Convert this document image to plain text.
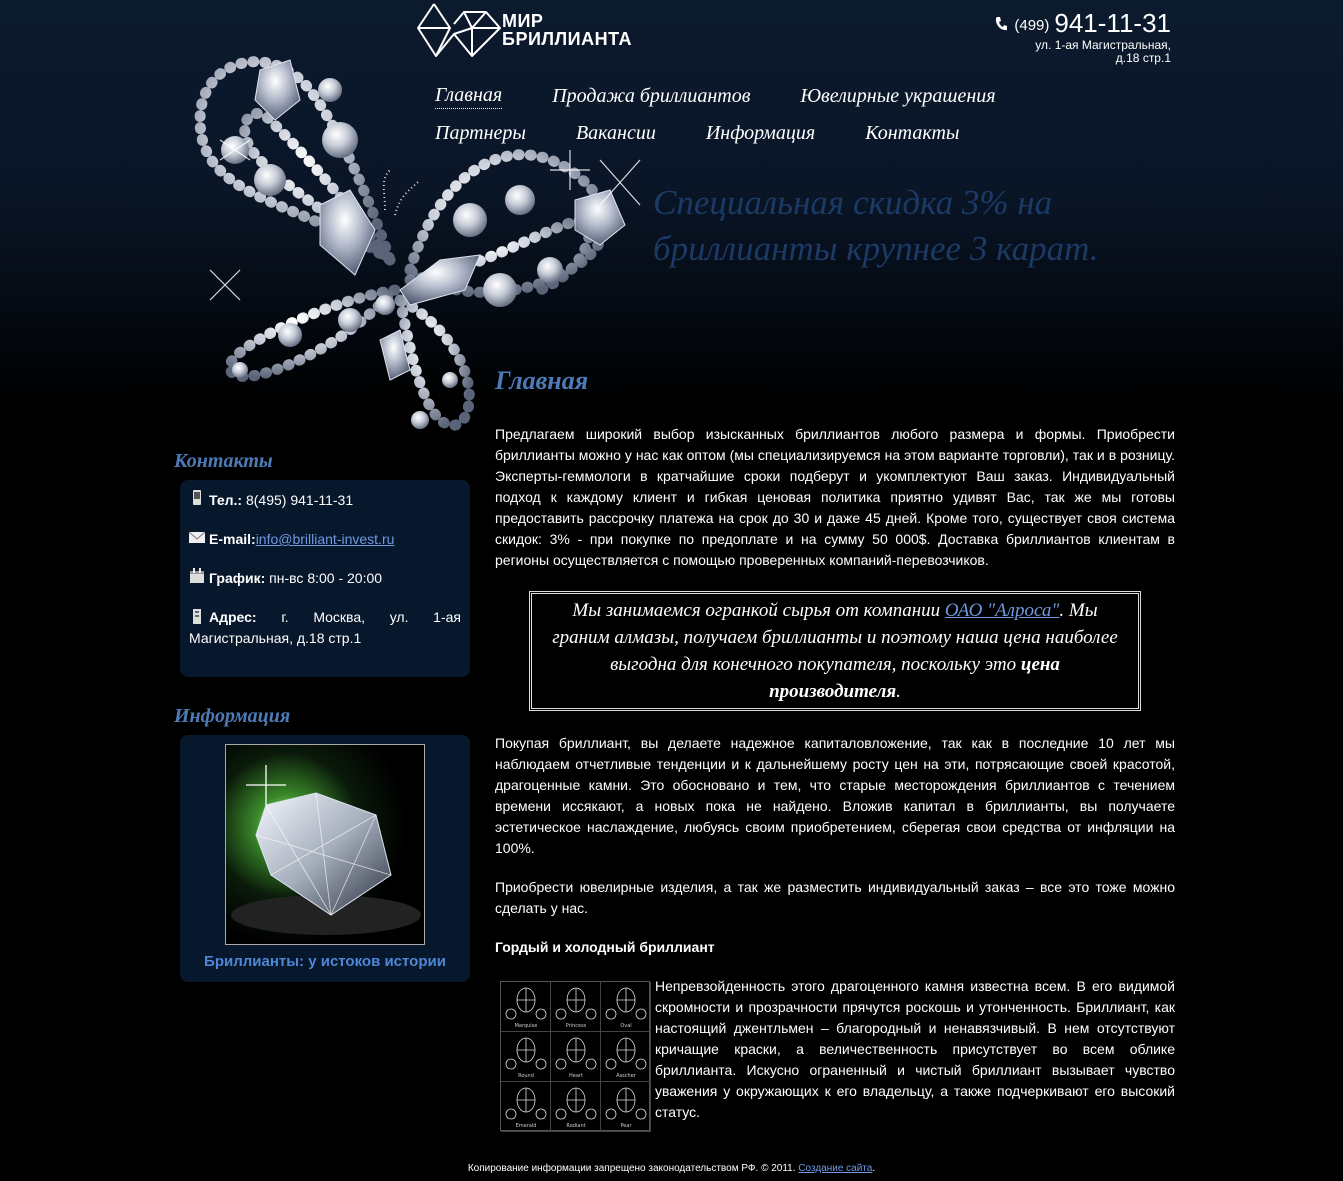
МИР
БРИЛЛИАНТА
(499) 941-11-31
ул. 1-ая Магистральная,
д.18 стр.1
Главная	Продажа бриллиантов	Ювелирные украшения
Партнеры	Вакансии	Информация	Контакты
Специальная скидка 3% на
бриллианты крупнее 3 карат.
Контакты
Тел.: 8(495) 941-11-31
E-mail:info@brilliant-invest.ru
График: пн-вс 8:00 - 20:00
Адрес: г. Москва, ул. 1-ая Магистральная, д.18 стр.1
Информация
Бриллианты: у истоков истории
Главная

Предлагаем широкий выбор изысканных бриллиантов любого размера и формы. Приобрести бриллианты можно у нас как оптом (мы специализируемся на этом варианте торговли), так и в розницу. Эксперты-геммологи в кратчайшие сроки подберут и укомплектуют Ваш заказ. Индивидуальный подход к каждому клиент и гибкая ценовая политика приятно удивят Вас, так же мы готовы предоставить рассрочку платежа на срок до 30 и даже 45 дней. Кроме того, существует своя система скидок: 3% - при покупке по предоплате и на сумму 50 000$. Доставка бриллиантов клиентам в регионы осуществляется с помощью проверенных компаний-перевозчиков.

Мы занимаемся огранкой сырья от компании ОАО "Алроса". Мы граним алмазы, получаем бриллианты и поэтому наша цена наиболее выгодна для конечного покупателя, поскольку это цена производителя.

Покупая бриллиант, вы делаете надежное капиталовложение, так как в последние 10 лет мы наблюдаем отчетливые тенденции и к дальнейшему росту цен на эти, потрясающие своей красотой, драгоценные камни. Это обосновано и тем, что старые месторождения бриллиантов с течением времени иссякают, а новых пока не найдено. Вложив капитал в бриллианты, вы получаете эстетическое наслаждение, любуясь своим приобретением, сберегая свои средства от инфляции на 100%.

Приобрести ювелирные изделия, а так же разместить индивидуальный заказ – все это тоже можно сделать у нас.

Гордый и холодный бриллиант

Marquise	Princess	Oval
Round	Heart	Asscher
Emerald	Radiant	Pear

Непревзойденность этого драгоценного камня известна всем. В его видимой скромности и прозрачности прячутся роскошь и утонченность. Бриллиант, как настоящий джентльмен – благородный и ненавязчивый. В нем отсутствуют кричащие краски, а величественность присутствует во всем облике бриллианта. Искусно ограненный и чистый бриллиант вызывает чувство уважения у окружающих к его владельцу, а также подчеркивают его высокий статус.

Копирование информации запрещено законодательством РФ. © 2011. Создание сайта.
